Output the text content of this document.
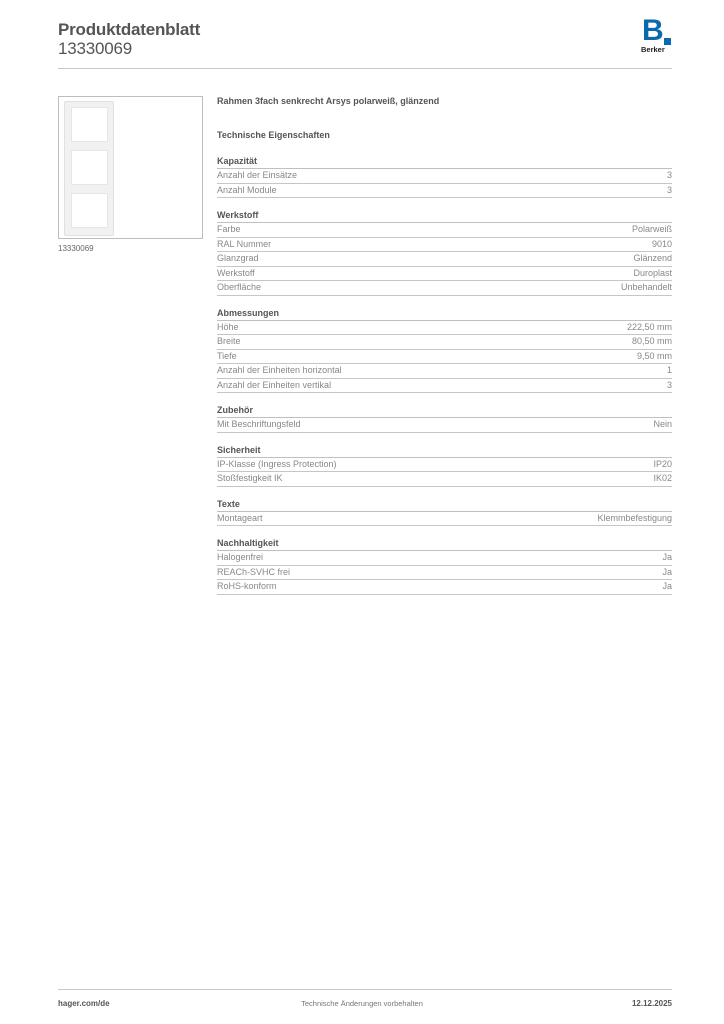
Produktdatenblatt
13330069
B
Berker
13330069
Rahmen 3fach senkrecht Arsys polarweiß, glänzend
Technische Eigenschaften
Kapazität
Anzahl der Einsätze	3
Anzahl Module	3
Werkstoff
Farbe	Polarweiß
RAL Nummer	9010
Glanzgrad	Glänzend
Werkstoff	Duroplast
Oberfläche	Unbehandelt
Abmessungen
Höhe	222,50 mm
Breite	80,50 mm
Tiefe	9,50 mm
Anzahl der Einheiten horizontal	1
Anzahl der Einheiten vertikal	3
Zubehör
Mit Beschriftungsfeld	Nein
Sicherheit
IP-Klasse (Ingress Protection)	IP20
Stoßfestigkeit IK	IK02
Texte
Montageart	Klemmbefestigung
Nachhaltigkeit
Halogenfrei	Ja
REACh-SVHC frei	Ja
RoHS-konform	Ja
hager.com/de	Technische Änderungen vorbehalten	12.12.2025
